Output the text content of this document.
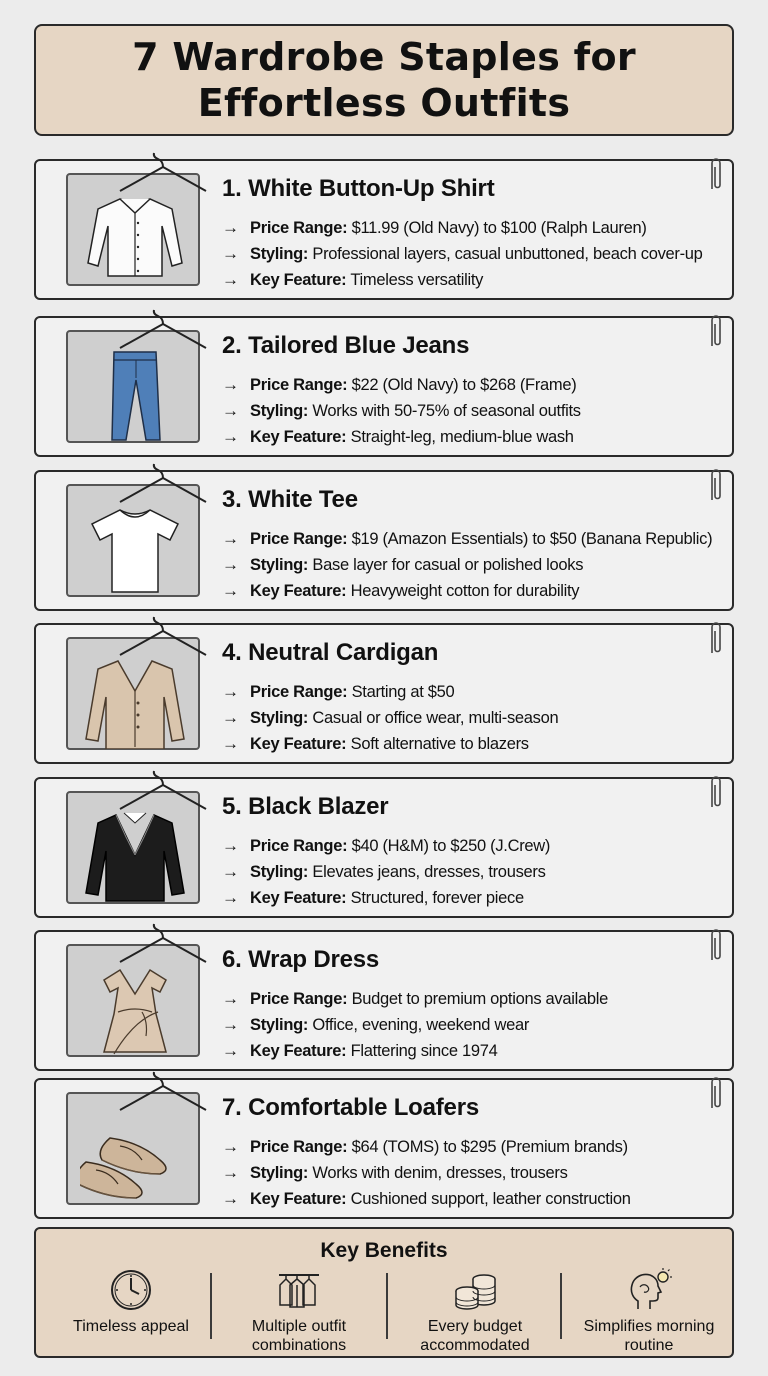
7 Wardrobe Staples for
Effortless Outfits
1. White Button-Up Shirt
→ Price Range: $11.99 (Old Navy) to $100 (Ralph Lauren)
→ Styling: Professional layers, casual unbuttoned, beach cover-up
→ Key Feature: Timeless versatility
2. Tailored Blue Jeans
→ Price Range: $22 (Old Navy) to $268 (Frame)
→ Styling: Works with 50-75% of seasonal outfits
→ Key Feature: Straight-leg, medium-blue wash
3. White Tee
→ Price Range: $19 (Amazon Essentials) to $50 (Banana Republic)
→ Styling: Base layer for casual or polished looks
→ Key Feature: Heavyweight cotton for durability
4. Neutral Cardigan
→ Price Range: Starting at $50
→ Styling: Casual or office wear, multi-season
→ Key Feature: Soft alternative to blazers
5. Black Blazer
→ Price Range: $40 (H&M) to $250 (J.Crew)
→ Styling: Elevates jeans, dresses, trousers
→ Key Feature: Structured, forever piece
6. Wrap Dress
→ Price Range: Budget to premium options available
→ Styling: Office, evening, weekend wear
→ Key Feature: Flattering since 1974
7. Comfortable Loafers
→ Price Range: $64 (TOMS) to $295 (Premium brands)
→ Styling: Works with denim, dresses, trousers
→ Key Feature: Cushioned support, leather construction
Key Benefits
Timeless appeal	Multiple outfit
combinations
Every budget
accommodated
Simplifies morning
routine
